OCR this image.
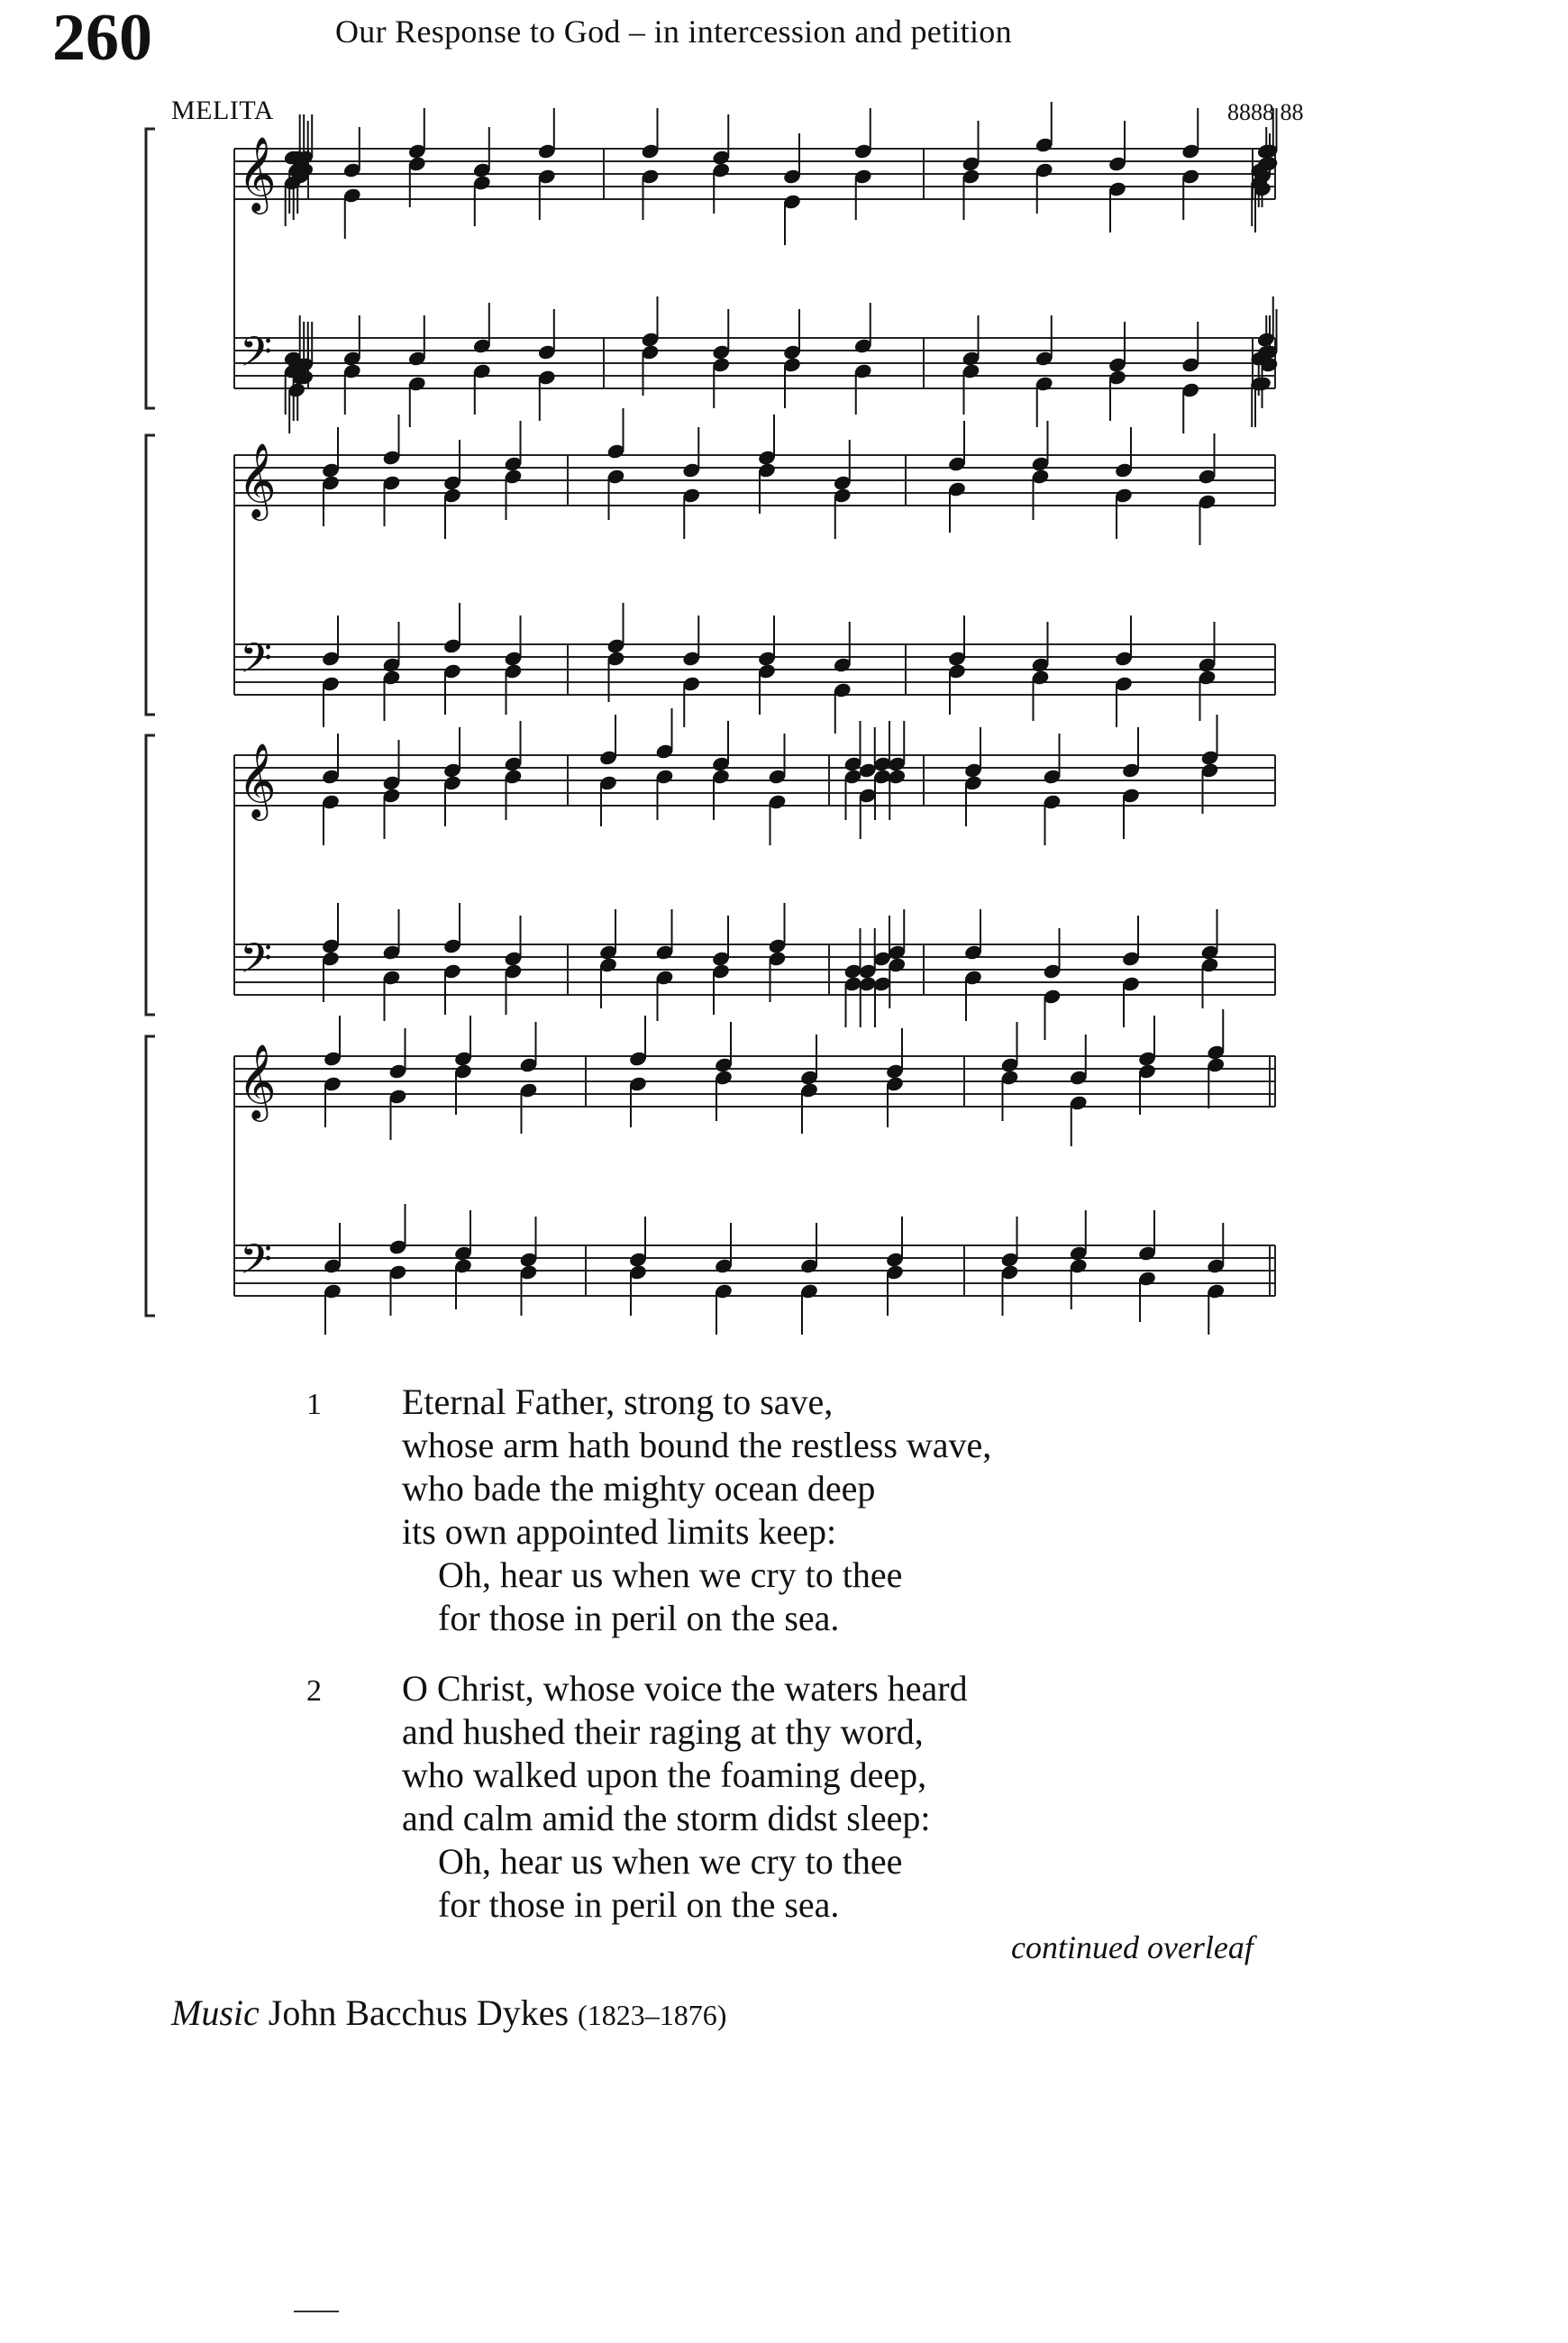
260	Our Response to God – in intercession and petition
MELITA	8888 88
𝄞
𝄢
𝄞
𝄢
𝄞
𝄢
𝄞
𝄢
1 Eternal Father, strong to save,
whose arm hath bound the restless wave,
who bade the mighty ocean deep
its own appointed limits keep:
Oh, hear us when we cry to thee
for those in peril on the sea.
2 O Christ, whose voice the waters heard
and hushed their raging at thy word,
who walked upon the foaming deep,
and calm amid the storm didst sleep:
Oh, hear us when we cry to thee
for those in peril on the sea.
continued overleaf
Music John Bacchus Dykes (1823–1876)
